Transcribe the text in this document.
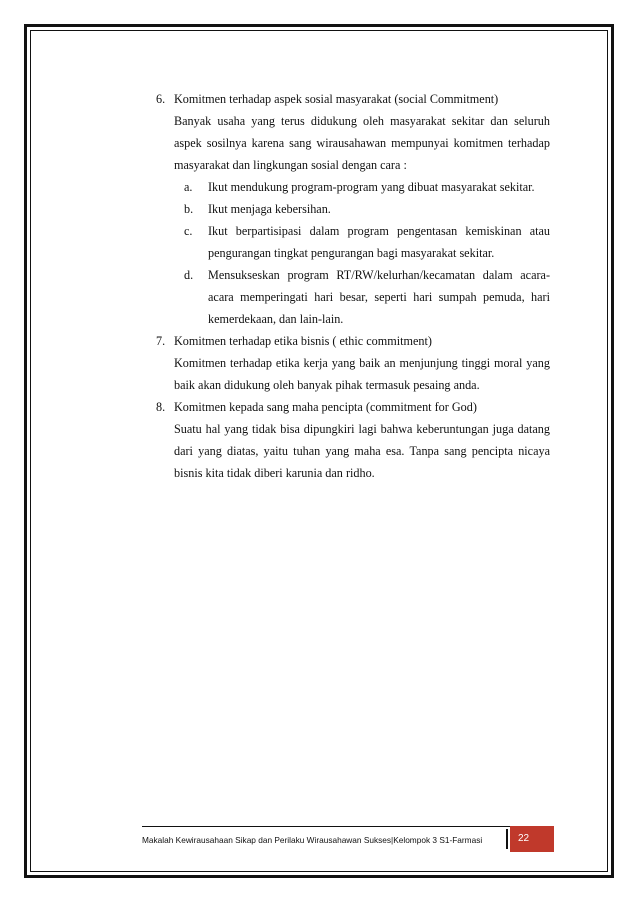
6. Komitmen terhadap aspek sosial masyarakat (social Commitment)

Banyak usaha yang terus didukung oleh masyarakat sekitar dan seluruh aspek sosilnya karena sang wirausahawan mempunyai komitmen terhadap masyarakat dan lingkungan sosial dengan cara :

a. Ikut mendukung program-program yang dibuat masyarakat sekitar.

b. Ikut menjaga kebersihan.

c. Ikut berpartisipasi dalam program pengentasan kemiskinan atau pengurangan tingkat pengurangan bagi masyarakat sekitar.

d. Mensukseskan program RT/RW/kelurhan/kecamatan dalam acara-acara memperingati hari besar, seperti hari sumpah pemuda, hari kemerdekaan, dan lain-lain.

7. Komitmen terhadap etika bisnis ( ethic commitment)

Komitmen terhadap etika kerja yang baik an menjunjung tinggi moral yang baik akan didukung oleh banyak pihak termasuk pesaing anda.

8. Komitmen kepada sang maha pencipta (commitment for God)

Suatu hal yang tidak bisa dipungkiri lagi bahwa keberuntungan juga datang dari yang diatas, yaitu tuhan yang maha esa. Tanpa sang pencipta nicaya bisnis kita tidak diberi karunia dan ridho.

Makalah Kewirausahaan Sikap dan Perilaku Wirausahawan Sukses|Kelompok 3 S1-Farmasi	22
